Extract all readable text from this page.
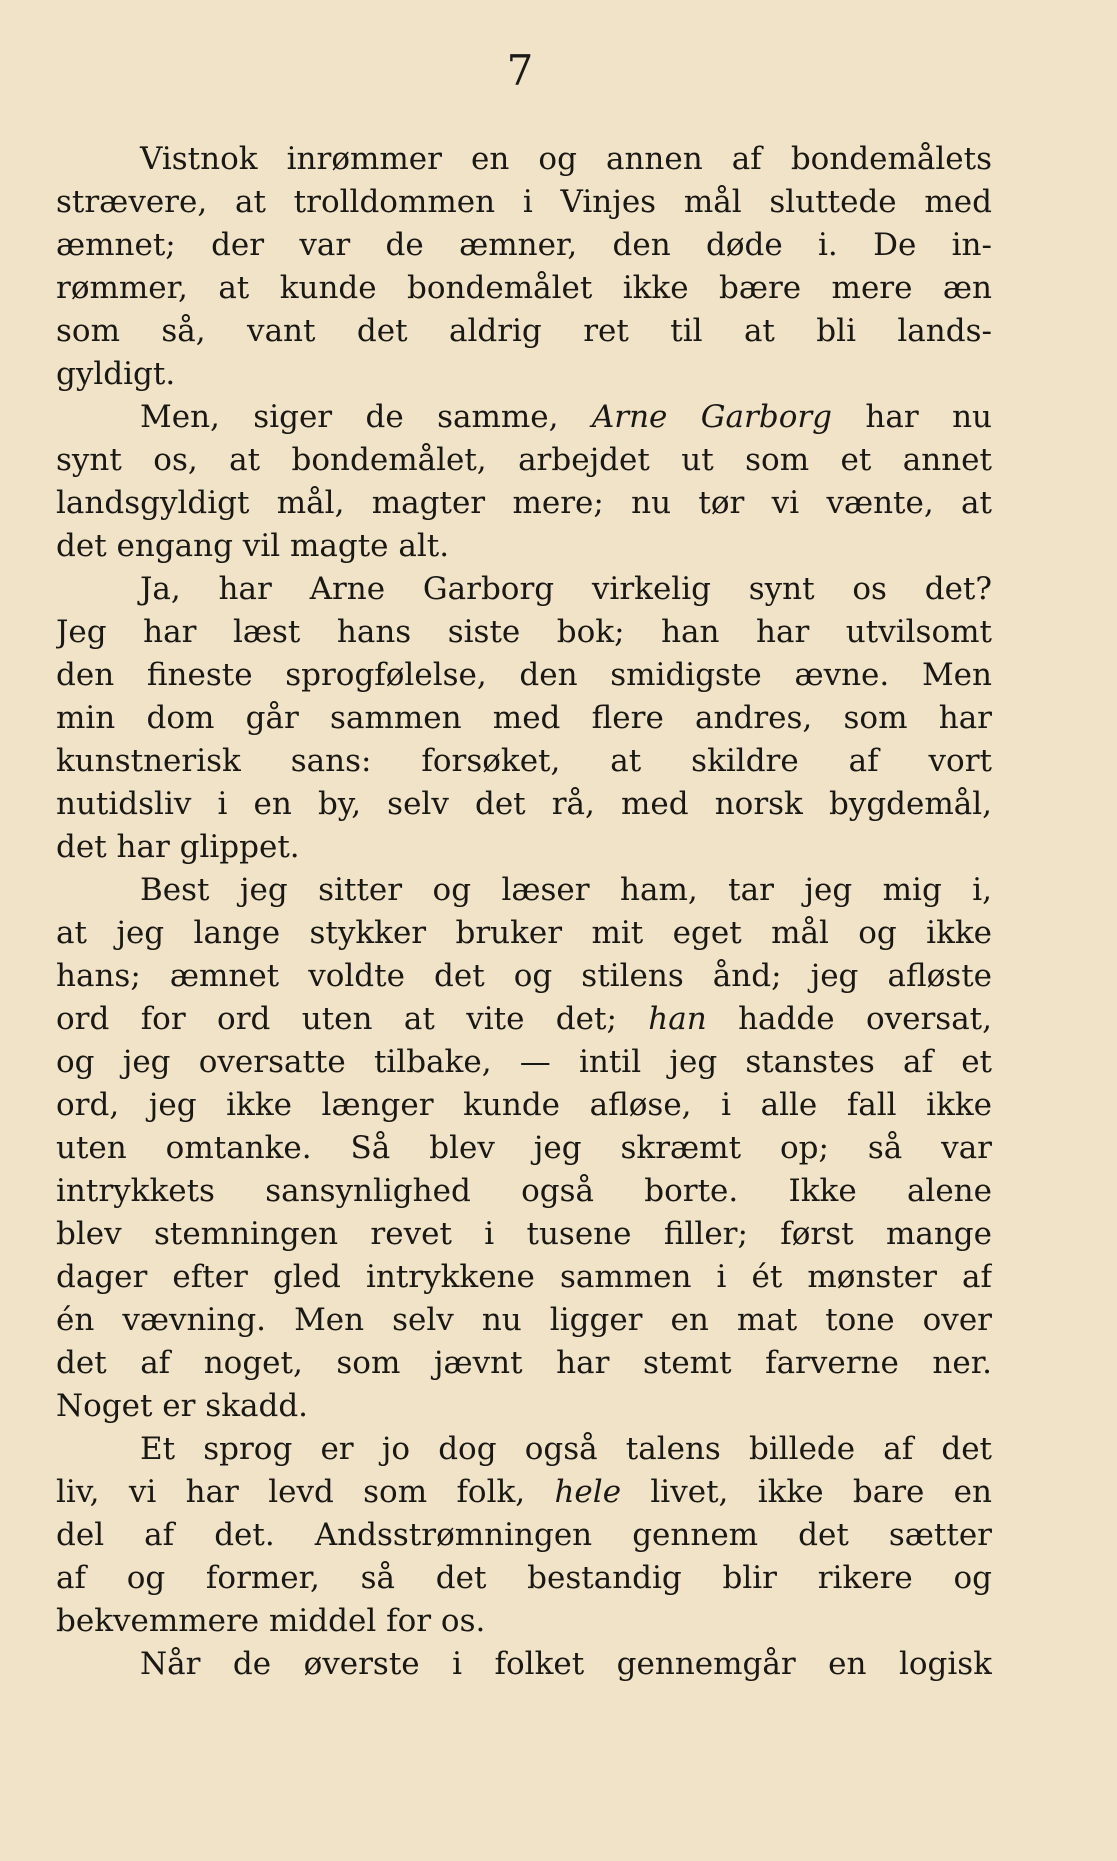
7
Vistnok inrømmer en og annen af bondemålets
stræverе, at trolldommen i Vinjes mål sluttede med
æmnet; der var de æmner, den døde i. De in-
rømmer, at kunde bondemålet ikke bære mere æn
som så, vant det aldrig ret til at bli lands-
gyldigt.
Men, siger de samme, Arne Garborg har nu
synt os, at bondemålet, arbejdet ut som et annet
landsgyldigt mål, magter mere; nu tør vi vænte, at
det engang vil magte alt.
Ja, har Arne Garborg virkelig synt os det?
Jeg har læst hans siste bok; han har utvilsomt
den fineste sprogfølelse, den smidigste ævne. Men
min dom går sammen med flere andres, som har
kunstnerisk sans: forsøket, at skildre af vort
nutidsliv i en by, selv det rå, med norsk bygdemål,
det har glippet.
Best jeg sitter og læser ham, tar jeg mig i,
at jeg lange stykker bruker mit eget mål og ikke
hans; æmnet voldte det og stilens ånd; jeg afløste
ord for ord uten at vite det; han hadde oversat,
og jeg oversatte tilbake, — intil jeg stanstes af et
ord, jeg ikke længer kunde afløse, i alle fall ikke
uten omtanke. Så blev jeg skræmt op; så var
intrykkets sansynlighed også borte. Ikke alene
blev stemningen revet i tusene filler; først mange
dager efter gled intrykkene sammen i ét mønster af
én vævning. Men selv nu ligger en mat tone over
det af noget, som jævnt har stemt farverne ner.
Noget er skadd.
Et sprog er jo dog også talens billede af det
liv, vi har levd som folk, hele livet, ikke bare en
del af det. Andsstrømningen gennem det sætter
af og former, så det bestandig blir rikere og
bekvemmere middel for os.
Når de øverste i folket gennemgår en logisk
